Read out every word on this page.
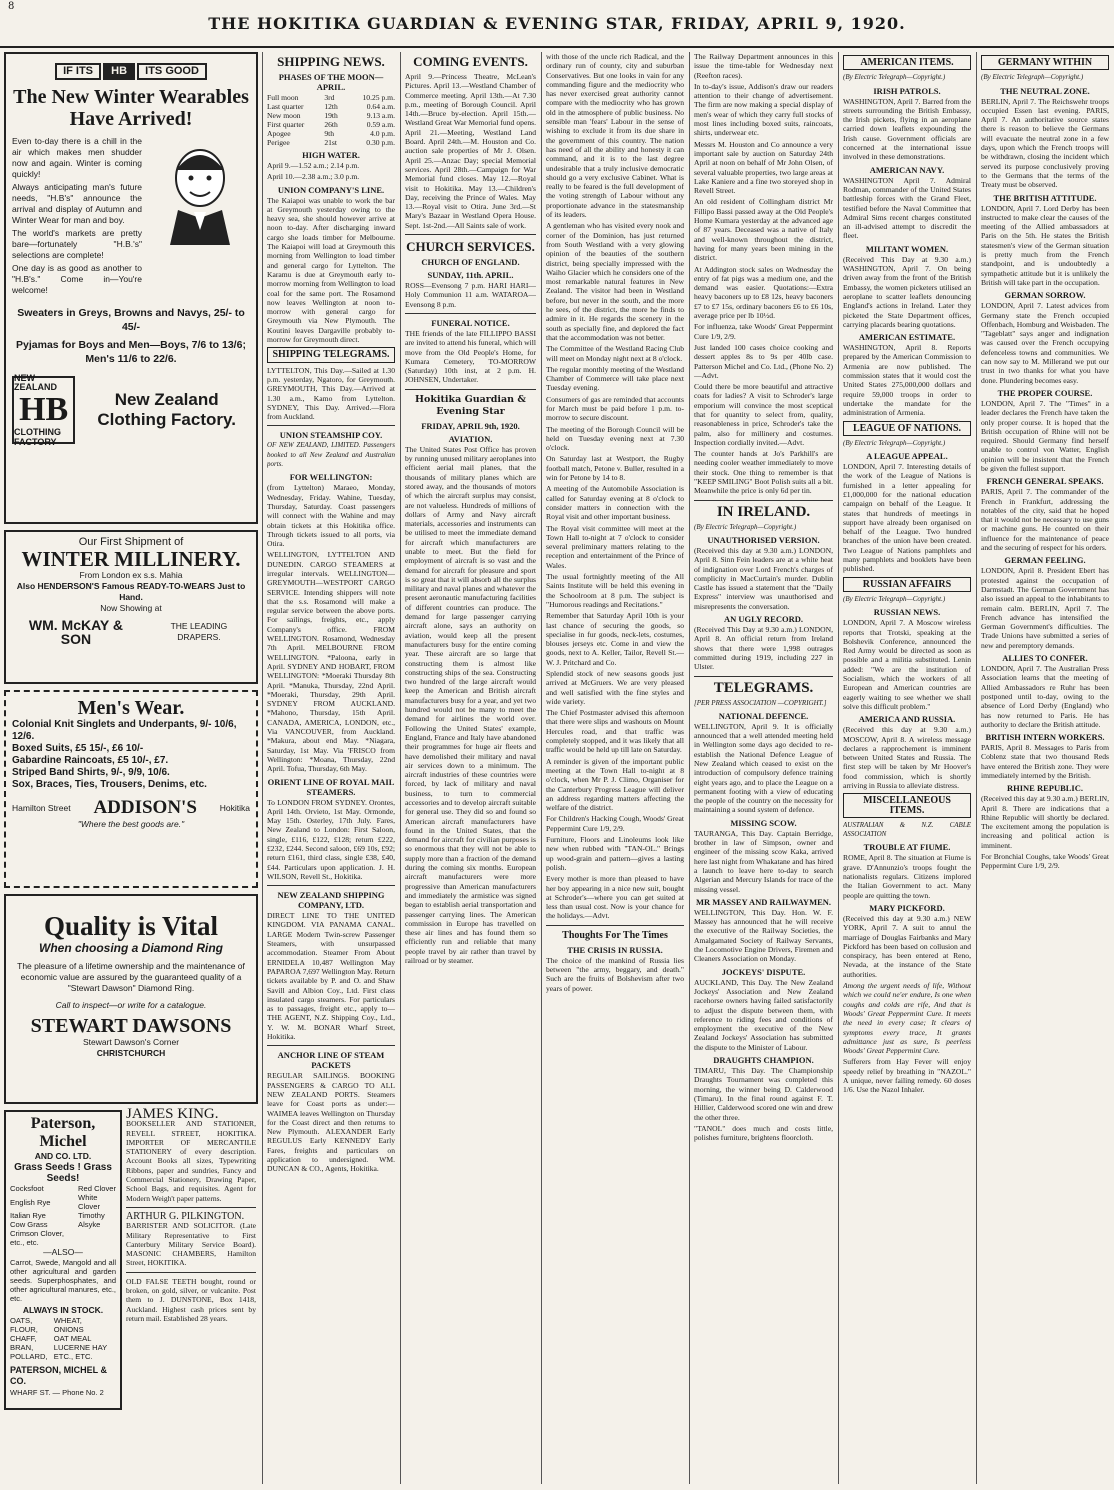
8
THE HOKITIKA GUARDIAN & EVENING STAR, FRIDAY, APRIL 9, 1920.
IF ITS HB ITS GOOD
The New Winter Wearables Have Arrived!

Even to-day there is a chill in the air which makes men shudder now and again. Winter is coming quickly!

Always anticipating man's future needs, "H.B's" announce the arrival and display of Autumn and Winter Wear for man and boy.

The world's markets are pretty bare—fortunately "H.B.'s" selections are complete!

One day is as good as another to "H.B's." Come in—You're welcome!

Sweaters in Greys, Browns and Navys, 25/- to 45/-
Pyjamas for Boys and Men—Boys, 7/6 to 13/6; Men's 11/6 to 22/6.
NEW ZEALAND
HB
CLOTHING FACTORY
New Zealand Clothing Factory.
Our First Shipment of
WINTER MILLINERY.
From London ex s.s. Mahia
Also HENDERSON'S Famous READY-TO-WEARS Just to Hand.
Now Showing at
WM. McKAY & SON
THE LEADING DRAPERS.
Men's Wear.
Colonial Knit Singlets and Underpants, 9/- 10/6, 12/6.
Boxed Suits, £5 15/-, £6 10/-
Gabardine Raincoats, £5 10/-, £7.
Striped Band Shirts, 9/-, 9/9, 10/6.
Sox, Braces, Ties, Trousers, Denims, etc.
Hamilton Street ADDISON'S	Hokitika
"Where the best goods are."
Quality is Vital
When choosing a Diamond Ring

The pleasure of a lifetime ownership and the maintenance of economic value are assured by the guaranteed quality of a "Stewart Dawson" Diamond Ring.

Call to inspect—or write for a catalogue.
STEWART DAWSONS
Stewart Dawson's Corner
CHRISTCHURCH
Paterson, Michel
AND CO. LTD.
Grass Seeds ! Grass Seeds!
Cocksfoot	Red Clover
English Rye	White Clover
Italian Rye	Timothy
Cow Grass	Alsyke
Crimson Clover, etc., etc.	
—ALSO—

Carrot, Swede, Mangold and all other agricultural and garden seeds. Superphosphates, and other agricultural manures, etc., etc.

ALWAYS IN STOCK.
OATS,	WHEAT,
FLOUR,	ONIONS
CHAFF,	OAT MEAL
BRAN,	LUCERNE HAY
POLLARD,	ETC., ETC.
PATERSON, MICHEL & CO.
WHARF ST. — Phone No. 2
JAMES KING.

BOOKSELLER AND STATIONER, REVELL STREET, HOKITIKA. IMPORTER OF MERCANTILE STATIONERY of every description. Account Books all sizes, Typewriting Ribbons, paper and sundries, Fancy and Commercial Stationery, Drawing Paper, School Bags, and requisites. Agent for Modern Weigh't paper patterns.

ARTHUR G. PILKINGTON.

BARRISTER AND SOLICITOR. (Late Military Representative to First Canterbury Military Service Board). MASONIC CHAMBERS, Hamilton Street, HOKITIKA.

OLD FALSE TEETH bought, round or broken, on gold, silver, or vulcanite. Post them to J. DUNSTONE, Box 1418, Auckland. Highest cash prices sent by return mail. Established 28 years.

SHIPPING NEWS.
PHASES OF THE MOON—APRIL.
Full moon	3rd	10.25 p.m.
Last quarter	12th	0.64 a.m.
New moon	19th	9.13 a.m.
First quarter	26th	0.59 a.m.
Apogee	9th	4.0 p.m.
Perigee	21st	0.30 p.m.
HIGH WATER.

April 9.—1.52 a.m.; 2.14 p.m.

April 10.—2.38 a.m.; 3.0 p.m.

UNION COMPANY'S LINE.

The Kaiapoi was unable to work the bar at Greymouth yesterday owing to the heavy sea, she should however arrive at noon to-day. After discharging inward cargo she loads timber for Melbourne. The Kaiapoi will load at Greymouth this morning from Wellington to load timber and general cargo for Lyttelton. The Karamu is due at Greymouth early to-morrow morning from Wellington to load coal for the same port. The Rosamond now leaves Wellington at noon to-morrow with general cargo for Greymouth via New Plymouth. The Koutini leaves Dargaville probably to-morrow for Greymouth direct.

SHIPPING TELEGRAMS.

LYTTELTON, This Day.—Sailed at 1.30 p.m. yesterday, Ngatoro, for Greymouth. GREYMOUTH, This Day.—Arrived at 1.30 a.m., Kamo from Lyttelton. SYDNEY, This Day. Arrived.—Flora from Auckland.

UNION STEAMSHIP COY.

OF NEW ZEALAND, LIMITED. Passengers booked to all New Zealand and Australian ports.

FOR WELLINGTON:

(from Lyttelton) Maraeo, Monday, Wednesday, Friday. Wahine, Tuesday, Thursday, Saturday. Coast passengers will connect with the Wahine and may obtain tickets at this Hokitika office. Through tickets issued to all ports, via Otira.

WELLINGTON, LYTTELTON AND DUNEDIN. CARGO STEAMERS at irregular intervals. WELLINGTON—GREYMOUTH—WESTPORT CARGO SERVICE. Intending shippers will note that the s.s. Rosamond will make a regular service between the above ports. For sailings, freights, etc., apply Company's office. FROM WELLINGTON. Rosamond, Wednesday 7th April. MELBOURNE FROM WELLINGTON. *Paloona, early in April. SYDNEY AND HOBART, FROM WELLINGTON: *Moeraki Thursday 8th April. *Manuka, Thursday, 22nd April. *Moeraki, Thursday, 29th April. SYDNEY FROM AUCKLAND. *Mahono, Thursday, 15th April. CANADA, AMERICA, LONDON, etc., Via VANCOUVER, from Auckland. *Makura, about end May. *Niagara, Saturday, 1st May. Via 'FRISCO from Wellington: *Moana, Thursday, 22nd April. Tofua, Thursday, 6th May.

ORIENT LINE OF ROYAL MAIL STEAMERS.

To LONDON FROM SYDNEY. Orontes, April 14th. Orvieto, 1st May. Ormonde, May 15th. Osterley, 17th July. Fares, New Zealand to London: First Saloon, single, £116, £122, £128; return £222, £232, £244. Second saloon, £69 10s, £92; return £161, third class, single £38, £40, £44. Particulars upon application. J. H. WILSON, Revell St., Hokitika.

NEW ZEALAND SHIPPING COMPANY, LTD.

DIRECT LINE TO THE UNITED KINGDOM. VIA PANAMA CANAL. LARGE Modern Twin-screw Passenger Steamers, with unsurpassed accommodation. Steamer From About ERNIDELA 10,487 Wellington May PAPAROA 7,697 Wellington May. Return tickets available by P. and O. and Shaw Savill and Albion Coy., Ltd. First class insulated cargo steamers. For particulars as to passages, freight etc., apply to— THE AGENT, N.Z. Shipping Coy., Ltd., Y. W. M. BONAR Wharf Street, Hokitika.

ANCHOR LINE OF STEAM PACKETS

REGULAR SAILINGS. BOOKING PASSENGERS & CARGO TO ALL NEW ZEALAND PORTS. Steamers leave for Coast ports as under:— WAIMEA leaves Wellington on Thursday for the Coast direct and then returns to New Plymouth. ALEXANDER Early REGULUS Early KENNEDY Early Fares, freights and particulars on application to undersigned. WM. DUNCAN & CO., Agents, Hokitika.

COMING EVENTS.

April 9.—Princess Theatre, McLean's Pictures. April 13.—Westland Chamber of Commerce meeting. April 13th.—At 7.30 p.m., meeting of Borough Council. April 14th.—Bruce by-election. April 15th.—Westland Great War Memorial fund opens. April 21.—Meeting, Westland Land Board. April 24th.—M. Houston and Co. auction sale properties of Mr J. Olsen. April 25.—Anzac Day; special Memorial services. April 28th.—Campaign for War Memorial fund closes. May 12.—Royal visit to Hokitika. May 13.—Children's Day, receiving the Prince of Wales. May 13.—Royal visit to Otira. June 3rd.—St Mary's Bazaar in Westland Opera House. Sept. 1st-2nd.—All Saints sale of work.

CHURCH SERVICES.
CHURCH OF ENGLAND.
SUNDAY, 11th. APRIL.

ROSS—Evensong 7 p.m. HARI HARI—Holy Communion 11 a.m. WATAROA—Evensong 8 p.m.

FUNERAL NOTICE.

THE friends of the late FILLIPPO BASSI are invited to attend his funeral, which will move from the Old People's Home, for Kumara Cemetery, TO-MORROW (Saturday) 10th inst, at 2 p.m. H. JOHNSEN, Undertaker.

Hokitika Guardian & Evening Star
FRIDAY, APRIL 9th, 1920.
AVIATION.

The United States Post Office has proven by running unused military aeroplanes into efficient aerial mail planes, that the thousands of military planes which are stored away, and the thousands of motors of which the aircraft surplus may consist, are not valueless. Hundreds of millions of dollars of Army and Navy aircraft materials, accessories and instruments can be utilised to meet the immediate demand for aircraft which manufacturers are unable to meet. But the field for employment of aircraft is so vast and the demand for aircraft for pleasure and sport is so great that it will absorb all the surplus military and naval planes and whatever the present aeronautic manufacturing facilities of different countries can produce. The demand for large passenger carrying aircraft alone, says an authority on aviation, would keep all the present manufacturers busy for the entire coming year. These aircraft are so large that constructing them is almost like constructing ships of the sea. Constructing two hundred of the large aircraft would keep the American and British aircraft manufacturers busy for a year, and yet two hundred would not be many to meet the demand for airlines the world over. Following the United States' example, England, France and Italy have abandoned their programmes for huge air fleets and have demolished their military and naval air services down to a minimum. The aircraft industries of these countries were forced, by lack of military and naval business, to turn to commercial accessories and to develop aircraft suitable for general use. They did so and found so American aircraft manufacturers have found in the United States, that the demand for aircraft for civilian purposes is so enormous that they will not be able to supply more than a fraction of the demand during the coming six months. European aircraft manufacturers were more progressive than American manufacturers and immediately the armistice was signed began to establish aerial transportation and passenger carrying lines. The American commission in Europe has travelled on these air lines and has found them so efficiently run and reliable that many people travel by air rather than travel by railroad or by steamer.

with those of the uncle rich Radical, and the ordinary run of county, city and suburban Conservatives. But one looks in vain for any commanding figure and the mediocrity who has never exercised great authority cannot compare with the mediocrity who has grown old in the atmosphere of public business. No sensible man 'fears' Labour in the sense of wishing to exclude it from its due share in the government of this country. The nation has need of all the ability and honesty it can command, and it is to the last degree undesirable that a truly inclusive democratic should go a very exclusive Cabinet. What is really to be feared is the full development of the voting strength of Labour without any proportionate advance in the statesmanship of its leaders.

A gentleman who has visited every nook and corner of the Dominion, has just returned from South Westland with a very glowing opinion of the beauties of the southern district, being specially impressed with the Waiho Glacier which he considers one of the most remarkable natural features in New Zealand. The visitor had been in Westland before, but never in the south, and the more he sees, of the district, the more he finds to admire in it. He regards the scenery in the south as specially fine, and deplored the fact that the accommodation was not better.

The Committee of the Westland Racing Club will meet on Monday night next at 8 o'clock.

The regular monthly meeting of the Westland Chamber of Commerce will take place next Tuesday evening.

Consumers of gas are reminded that accounts for March must be paid before 1 p.m. to-morrow to secure discount.

The meeting of the Borough Council will be held on Tuesday evening next at 7.30 o'clock.

On Saturday last at Westport, the Rugby football match, Petone v. Buller, resulted in a win for Petone by 14 to 8.

A meeting of the Automobile Association is called for Saturday evening at 8 o'clock to consider matters in connection with the Royal visit and other important business.

The Royal visit committee will meet at the Town Hall to-night at 7 o'clock to consider several preliminary matters relating to the reception and entertainment of the Prince of Wales.

The usual fortnightly meeting of the All Saints Institute will be held this evening in the Schoolroom at 8 p.m. The subject is "Humorous readings and Recitations."

Remember that Saturday April 10th is your last chance of securing the goods, so specialise in fur goods, neck-lets, costumes, blouses jerseys etc. Come in and view the goods, next to A. Keller, Tailor, Revell St.—W. J. Pritchard and Co.

Splendid stock of new seasons goods just arrived at McGruers. We are very pleased and well satisfied with the fine styles and wide variety.

The Chief Postmaster advised this afternoon that there were slips and washouts on Mount Hercules road, and that traffic was completely stopped, and it was likely that all traffic would be held up till late on Saturday.

A reminder is given of the important public meeting at the Town Hall to-night at 8 o'clock, when Mr P. J. Climo, Organiser for the Canterbury Progress League will deliver an address regarding matters affecting the welfare of the district.

For Children's Hacking Cough, Woods' Great Peppermint Cure 1/9, 2/9.

Furniture, Floors and Linoleums look like new when rubbed with "TAN-OL." Brings up wood-grain and pattern—gives a lasting polish.

Every mother is more than pleased to have her boy appearing in a nice new suit, bought at Schroder's—where you can get suited at less than usual cost. Now is your chance for the holidays.—Advt.

Thoughts For The Times
THE CRISIS IN RUSSIA.

The choice of the mankind of Russia lies between "the army, beggary, and death." Such are the fruits of Bolshevism after two years of power.

The Railway Department announces in this issue the time-table for Wednesday next (Reefton races).

In to-day's issue, Addison's draw our readers attention to their change of advertisement. The firm are now making a special display of men's wear of which they carry full stocks of most lines including boxed suits, raincoats, shirts, underwear etc.

Messrs M. Houston and Co announce a very important sale by auction on Saturday 24th April at noon on behalf of Mr John Olsen, of several valuable properties, two large areas at Lake Kaniere and a fine two storeyed shop in Revell Street.

An old resident of Collingham district Mr Fillipo Bassi passed away at the Old People's Home Kumara yesterday at the advanced age of 87 years. Deceased was a native of Italy and well-known throughout the district, having for many years been mining in the district.

At Addington stock sales on Wednesday the entry of fat pigs was a medium one, and the demand was easier. Quotations:—Extra heavy baconers up to £8 12s, heavy baconers £7 to £7 15s, ordinary baconers £6 to £6 10s, average price per lb 10½d.

For influenza, take Woods' Great Peppermint Cure 1/9, 2/9.

Just landed 100 cases choice cooking and dessert apples 8s to 9s per 40lb case. Patterson Michel and Co. Ltd., (Phone No. 2)—Advt.

Could there be more beautiful and attractive coats for ladies? A visit to Schroder's large emporium will convince the most sceptical that for quantity to select from, quality, reasonableness in price, Schroder's take the palm, also for millinery and costumes. Inspection cordially invited.—Advt.

The counter hands at Jo's Parkhill's are needing cooler weather immediately to move their stock. One thing to remember is that "KEEP SMILING" Boot Polish suits all a bit. Meanwhile the price is only 6d per tin.

IN IRELAND.

(By Electric Telegraph—Copyright.)

UNAUTHORISED VERSION.

(Received this day at 9.30 a.m.) LONDON, April 8. Sinn Fein leaders are at a white heat of indignation over Lord French's charges of complicity in MacCurtain's murder. Dublin Castle has issued a statement that the "Daily Express" interview was unauthorised and misrepresents the conversation.

AN UGLY RECORD.

(Received This Day at 9.30 a.m.) LONDON, April 8. An official return from Ireland shows that there were 1,998 outrages committed during 1919, including 227 in Ulster.

TELEGRAMS.

[PER PRESS ASSOCIATION —COPYRIGHT.]

NATIONAL DEFENCE.

WELLINGTON, April 9. It is officially announced that a well attended meeting held in Wellington some days ago decided to re-establish the National Defence League of New Zealand which ceased to exist on the introduction of compulsory defence training eight years ago, and to place the League on a permanent footing with a view of educating the people of the country on the necessity for maintaining a sound system of defence.

MISSING SCOW.

TAURANGA, This Day. Captain Berridge, brother in law of Simpson, owner and engineer of the missing scow Kaka, arrived here last night from Whakatane and has hired a launch to leave here to-day to search Algerian and Mercury Islands for trace of the missing vessel.

MR MASSEY AND RAILWAYMEN.

WELLINGTON, This Day. Hon. W. F. Massey has announced that he will receive the executive of the Railway Societies, the Amalgamated Society of Railway Servants, the Locomotive Engine Drivers, Firemen and Cleaners Association on Monday.

JOCKEYS' DISPUTE.

AUCKLAND, This Day. The New Zealand Jockeys' Association and New Zealand racehorse owners having failed satisfactorily to adjust the dispute between them, with reference to riding fees and conditions of employment the executive of the New Zealand Jockeys' Association has submitted the dispute to the Minister of Labour.

DRAUGHTS CHAMPION.

TIMARU, This Day. The Championship Draughts Tournament was completed this morning, the winner being D. Calderwood (Timaru). In the final round against F. T. Hillier, Calderwood scored one win and drew the other three.

"TANOL" does much and costs little, polishes furniture, brightens floorcloth.

AMERICAN ITEMS.

(By Electric Telegraph—Copyright.)

IRISH PATROLS.

WASHINGTON, April 7. Barred from the streets surrounding the British Embassy, the Irish pickets, flying in an aeroplane carried down leaflets expounding the Irish cause. Government officials are concerned at the international issue involved in these demonstrations.

AMERICAN NAVY.

WASHINGTON April 7. Admiral Rodman, commander of the United States battleship forces with the Grand Fleet, testified before the Naval Committee that Admiral Sims recent charges constituted an ill-advised attempt to discredit the fleet.

MILITANT WOMEN.

(Received This Day at 9.30 a.m.) WASHINGTON, April 7. On being driven away from the front of the British Embassy, the women picketers utilised an aeroplane to scatter leaflets denouncing England's actions in Ireland. Later they picketed the State Department offices, carrying placards bearing quotations.

AMERICAN ESTIMATE.

WASHINGTON, April 8. Reports prepared by the American Commission to Armenia are now published. The commission states that it would cost the United States 275,000,000 dollars and require 59,000 troops in order to undertake the mandate for the administration of Armenia.

LEAGUE OF NATIONS.

(By Electric Telegraph—Copyright.)

A LEAGUE APPEAL.

LONDON, April 7. Interesting details of the work of the League of Nations is furnished in a letter appealing for £1,000,000 for the national education campaign on behalf of the League. It states that hundreds of meetings in support have already been organised on behalf of the League. Two hundred branches of the union have been created. Two League of Nations pamphlets and many pamphlets and booklets have been published.

RUSSIAN AFFAIRS

(By Electric Telegraph—Copyright.)

RUSSIAN NEWS.

LONDON, April 7. A Moscow wireless reports that Trotski, speaking at the Bolshevik Conference, announced the Red Army would be directed as soon as possible and a militia substituted. Lenin added: "We are the institution of Socialism, which the workers of all European and American countries are eagerly waiting to see whether we shall solve this difficult problem."

AMERICA AND RUSSIA.

(Received this day at 9.30 a.m.) MOSCOW, April 8. A wireless message declares a rapprochement is imminent between United States and Russia. The first step will be taken by Mr Hoover's food commission, which is shortly arriving in Russia to alleviate distress.

MISCELLANEOUS ITEMS.

AUSTRALIAN & N.Z. CABLE ASSOCIATION

TROUBLE AT FIUME.

ROME, April 8. The situation at Fiume is grave. D'Annunzio's troops fought the nationalists regulars. Citizens implored the Italian Government to act. Many people are quitting the town.

MARY PICKFORD.

(Received this day at 9.30 a.m.) NEW YORK, April 7. A suit to annul the marriage of Douglas Fairbanks and Mary Pickford has been based on collusion and conspiracy, has been entered at Reno, Nevada, at the instance of the State authorities.

Among the urgent needs of life, Without which we could ne'er endure, Is one when coughs and colds are rife, And that is Woods' Great Peppermint Cure. It meets the need in every case; It clears of symptoms every trace, It grants admittance just as sure, Is peerless Woods' Great Peppermint Cure.

Sufferers from Hay Fever will enjoy speedy relief by breathing in "NAZOL." A unique, never failing remedy. 60 doses 1/6. Use the Nazol Inhaler.

GERMANY WITHIN

(By Electric Telegraph—Copyright.)

THE NEUTRAL ZONE.

BERLIN, April 7. The Reichswehr troops occupied Essen last evening. PARIS, April 7. An authoritative source states there is reason to believe the Germans will evacuate the neutral zone in a few days, upon which the French troops will be withdrawn, closing the incident which served its purpose conclusively proving to the Germans that the terms of the Treaty must be observed.

THE BRITISH ATTITUDE.

LONDON, April 7. Lord Derby has been instructed to make clear the causes of the meeting of the Allied ambassadors at Paris on the 5th. He states the British statesmen's view of the German situation is pretty much from the French standpoint, and is undoubtedly a sympathetic attitude but it is unlikely the British will take part in the occupation.

GERMAN SORROW.

LONDON, April 7. Latest advices from Germany state the French occupied Offenbach, Homburg and Weisbaden. The "Tageblatt" says anger and indignation was caused over the French occupying defenceless towns and communities. We can now say to M. Millerand we put our trust in two thanks for what you have done. Plundering becomes easy.

THE PROPER COURSE.

LONDON, April 7. The "Times" in a leader declares the French have taken the only proper course. It is hoped that the British occupation of Rhine will not be required. Should Germany find herself unable to control von Watter, English opinion will be insistent that the French be given the fullest support.

FRENCH GENERAL SPEAKS.

PARIS, April 7. The commander of the French in Frankfurt, addressing the notables of the city, said that he hoped that it would not be necessary to use guns or machine guns. He counted on their influence for the maintenance of peace and the securing of respect for his orders.

GERMAN FEELING.

LONDON, April 8. President Ebert has protested against the occupation of Darmstadt. The German Government has also issued an appeal to the inhabitants to remain calm. BERLIN, April 7. The French advance has intensified the German Government's difficulties. The Trade Unions have submitted a series of new and peremptory demands.

ALLIES TO CONFER.

LONDON, April 7. The Australian Press Association learns that the meeting of Allied Ambassadors re Ruhr has been postponed until to-day, owing to the absence of Lord Derby (England) who has now returned to Paris. He has authority to declare the British attitude.

BRITISH INTERN WORKERS.

PARIS, April 8. Messages to Paris from Coblenz state that two thousand Reds have entered the British zone. They were immediately interned by the British.

RHINE REPUBLIC.

(Received this day at 9.30 a.m.) BERLIN, April 8. There are indications that a Rhine Republic will shortly be declared. The excitement among the population is increasing and political action is imminent.

For Bronchial Coughs, take Woods' Great Peppermint Cure 1/9, 2/9.
